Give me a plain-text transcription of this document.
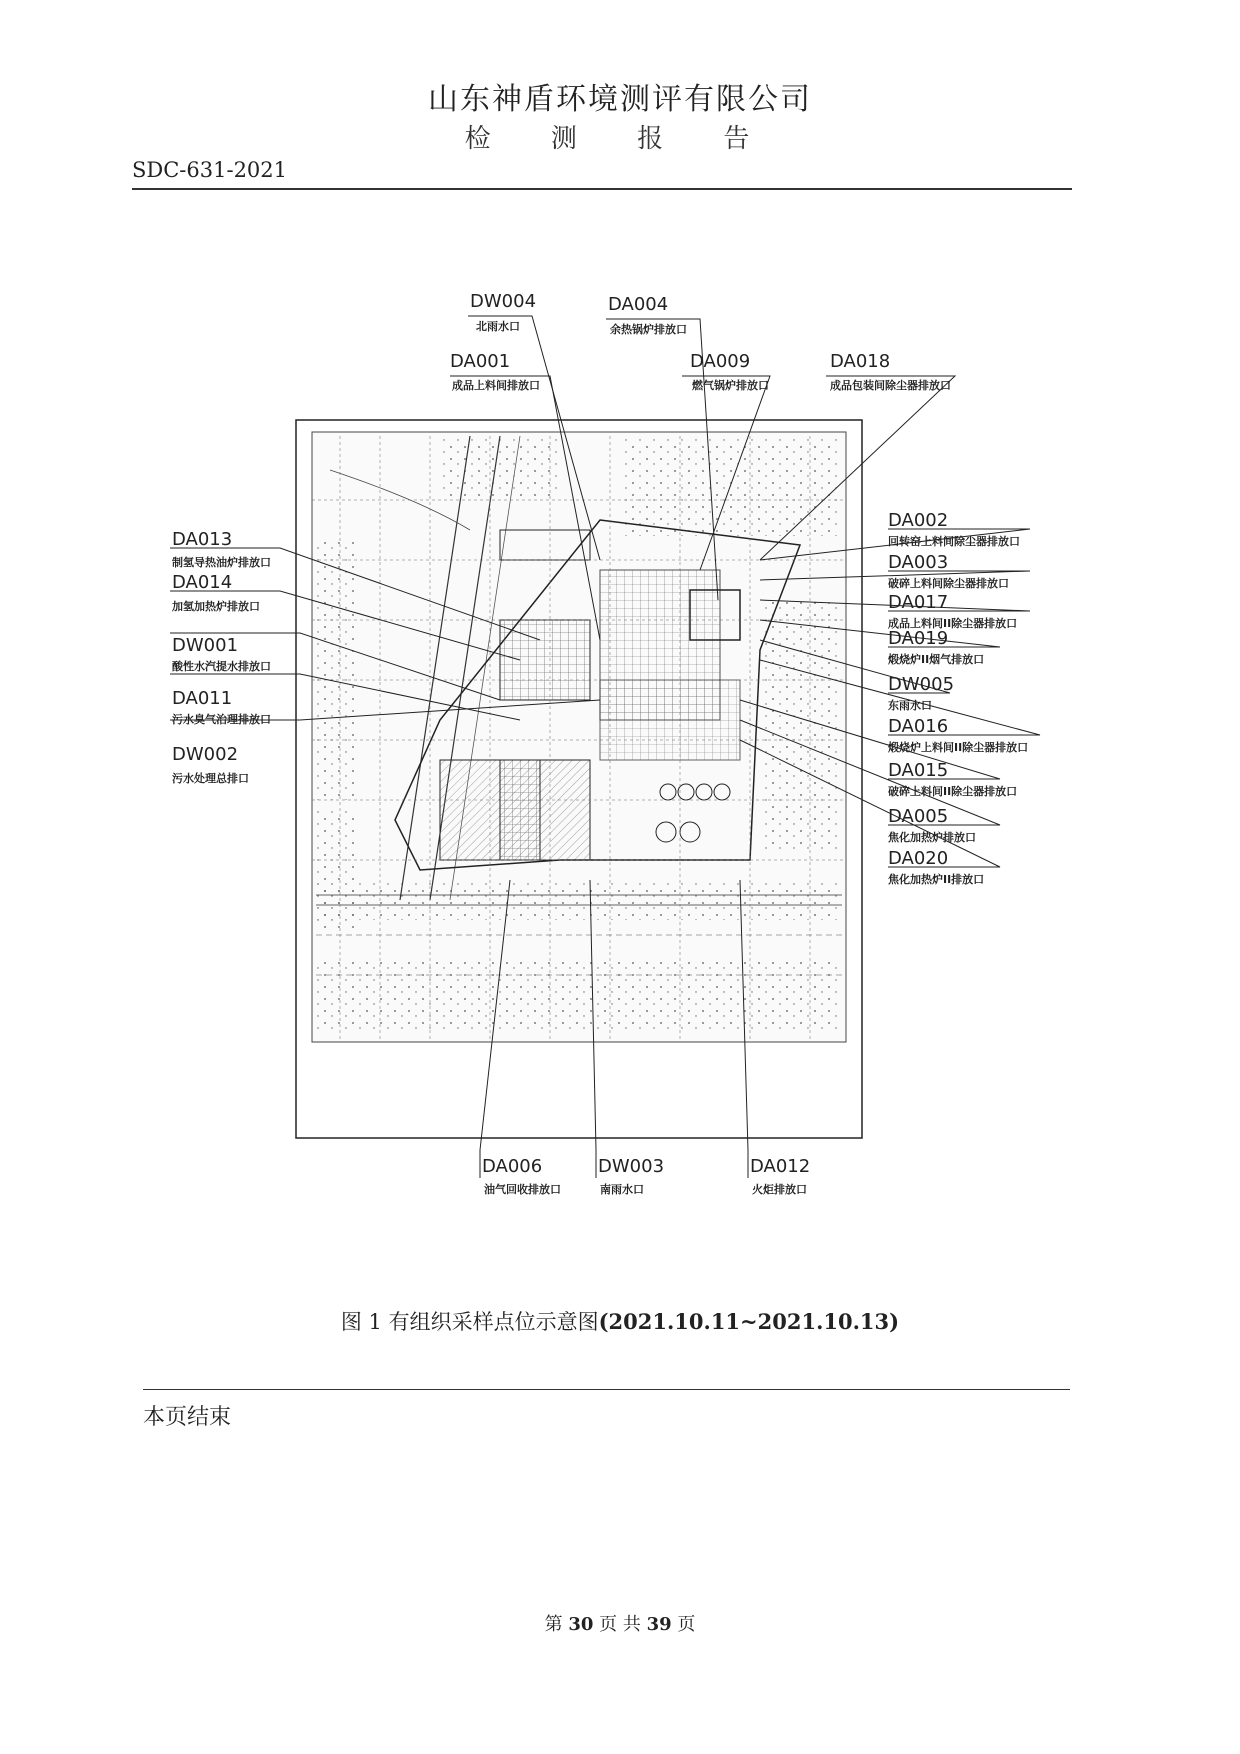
山东神盾环境测评有限公司
检 测 报 告
SDC-631-2021
DW004
北雨水口
DA004
余热锅炉排放口
DA001
成品上料间排放口
DA009
燃气锅炉排放口
DA018
成品包装间除尘器排放口
DA013
制氢导热油炉排放口
DA014
加氢加热炉排放口
DW001
酸性水汽提水排放口
DA011
污水臭气治理排放口
DW002
污水处理总排口
DA002
回转窑上料间除尘器排放口
DA003
破碎上料间除尘器排放口
DA017
成品上料间II除尘器排放口
DA019
煅烧炉II烟气排放口
DW005
东雨水口
DA016
煅烧炉上料间II除尘器排放口
DA015
破碎上料间II除尘器排放口
DA005
焦化加热炉排放口
DA020
焦化加热炉II排放口
DA006
油气回收排放口
DW003
南雨水口
DA012
火炬排放口
图 1 有组织采样点位示意图(2021.10.11~2021.10.13)
本页结束
第 30 页 共 39 页
